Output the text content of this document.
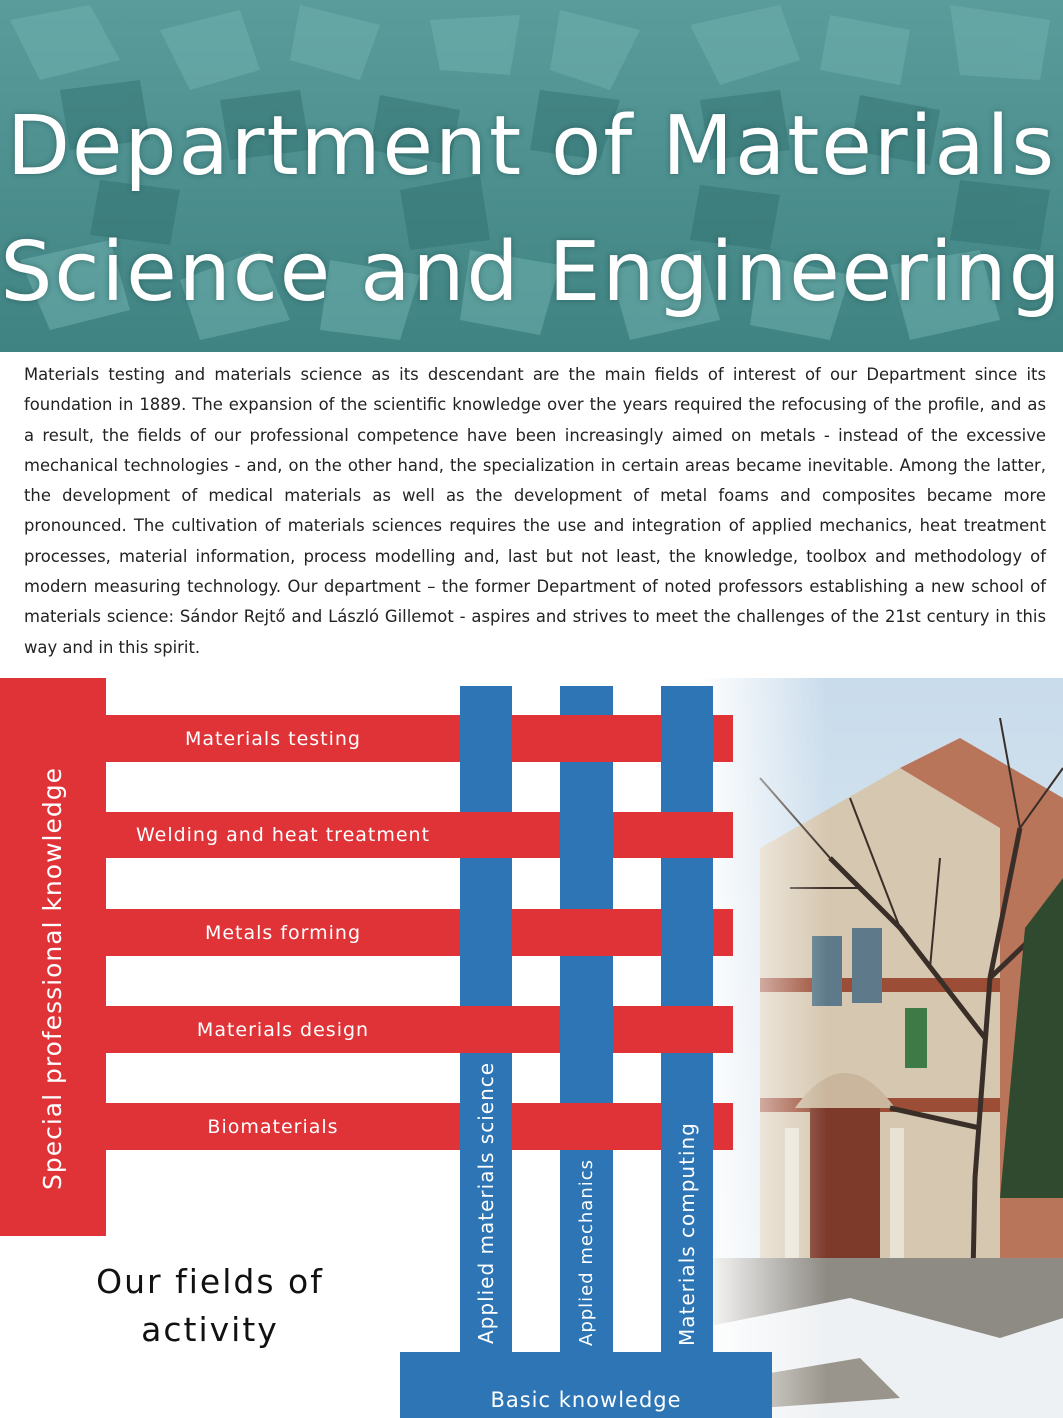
Department of Materials
Science and Engineering

Materials testing and materials science as its descendant are the main fields of interest of our Department since its foundation in 1889. The expansion of the scientific knowledge over the years required the refocusing of the profile, and as a result, the fields of our professional competence have been increasingly aimed on metals - instead of the excessive mechanical technologies - and, on the other hand, the specialization in certain areas became inevitable. Among the latter, the development of medical materials as well as the development of metal foams and composites became more pronounced. The cultivation of materials sciences requires the use and integration of applied mechanics, heat treatment processes, material information, process modelling and, last but not least, the knowledge, toolbox and methodology of modern measuring technology. Our department – the former Department of noted professors establishing a new school of materials science: Sándor Rejtő and László Gillemot - aspires and strives to meet the challenges of the 21st century in this way and in this spirit.

Special professional knowledge
Basic knowledge
Materials testing
Welding and heat treatment
Metals forming
Materials design
Biomaterials	Applied materials science	Applied mechanics	Materials computing
Our fields of
activity
